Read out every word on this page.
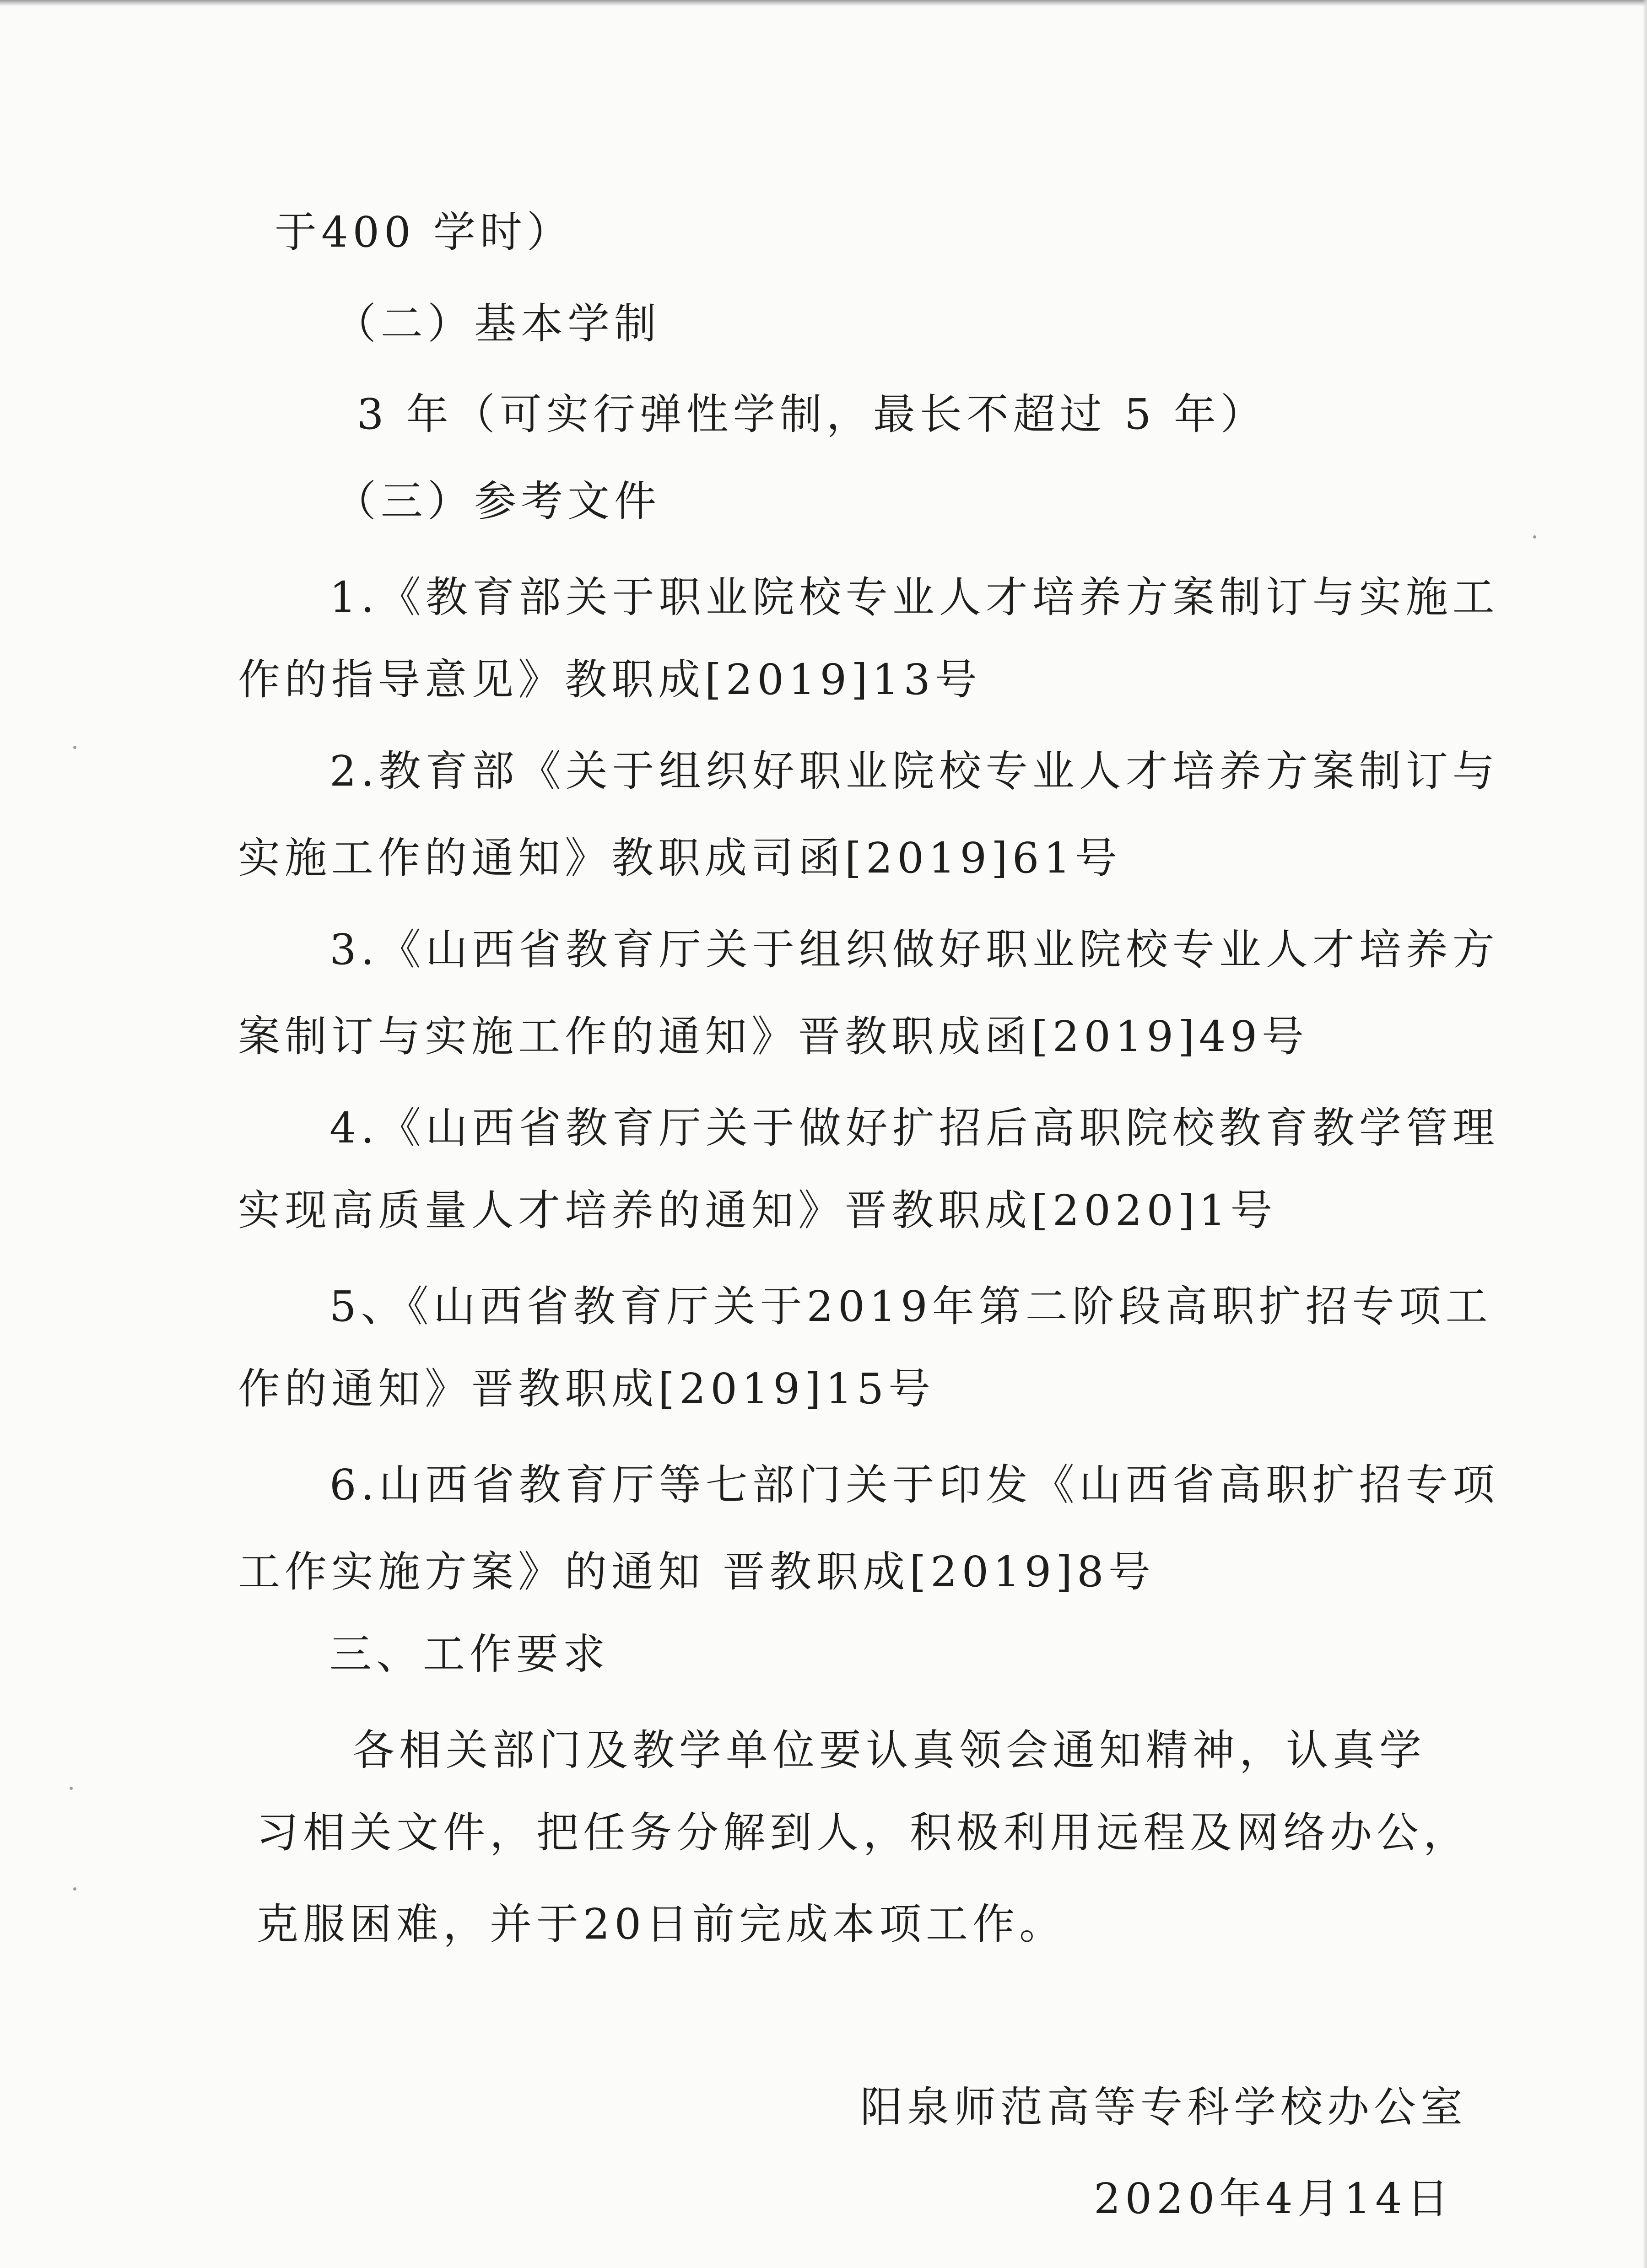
于400 学时）

（二）基本学制

3 年（可实行弹性学制，最长不超过 5 年）

（三）参考文件

1.《教育部关于职业院校专业人才培养方案制订与实施工

作的指导意见》教职成[2019]13号

2.教育部《关于组织好职业院校专业人才培养方案制订与

实施工作的通知》教职成司函[2019]61号

3.《山西省教育厅关于组织做好职业院校专业人才培养方

案制订与实施工作的通知》晋教职成函[2019]49号

4.《山西省教育厅关于做好扩招后高职院校教育教学管理

实现高质量人才培养的通知》晋教职成[2020]1号

5、《山西省教育厅关于2019年第二阶段高职扩招专项工

作的通知》晋教职成[2019]15号

6.山西省教育厅等七部门关于印发《山西省高职扩招专项

工作实施方案》的通知 晋教职成[2019]8号

三、工作要求

各相关部门及教学单位要认真领会通知精神，认真学

习相关文件，把任务分解到人，积极利用远程及网络办公，

克服困难，并于20日前完成本项工作。

阳泉师范高等专科学校办公室

2020年4月14日
